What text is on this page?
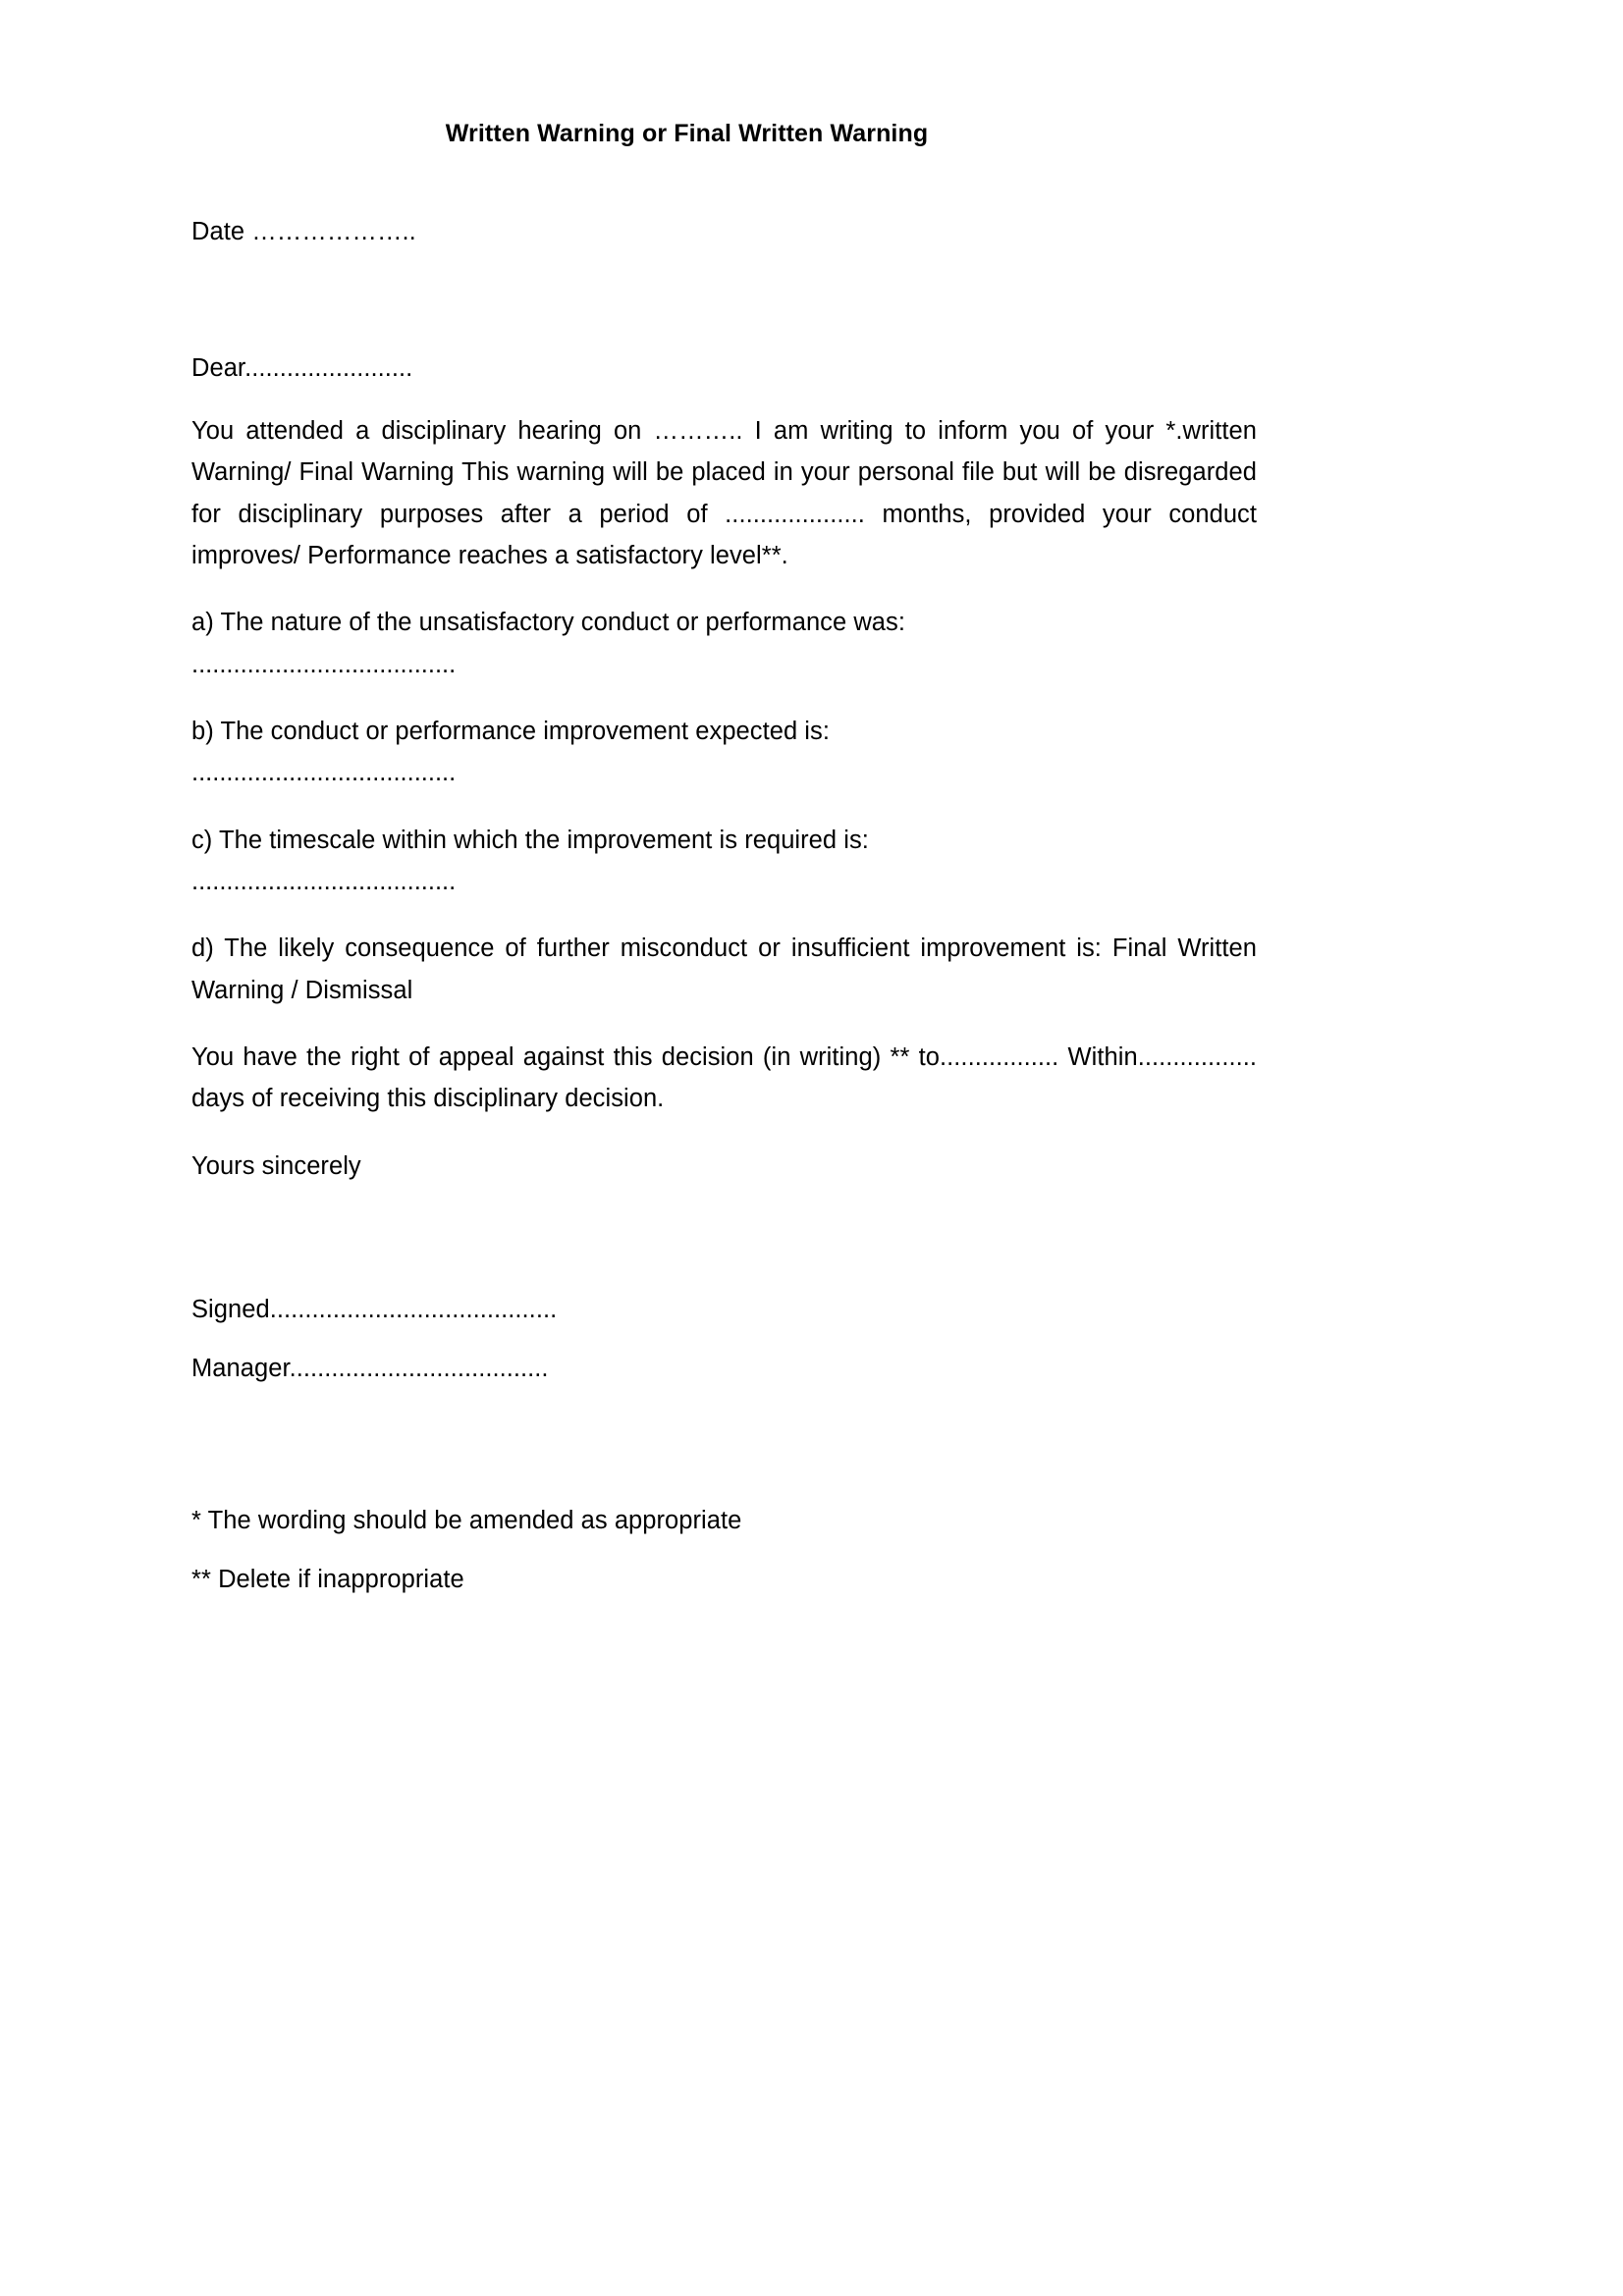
Written Warning or Final Written Warning

Date ………………..

Dear........................

You attended a disciplinary hearing on ……….. I am writing to inform you of your *.written Warning/ Final Warning This warning will be placed in your personal file but will be disregarded for disciplinary purposes after a period of .................... months, provided your conduct improves/ Performance reaches a satisfactory level**.

a) The nature of the unsatisfactory conduct or performance was:

......................................

b) The conduct or performance improvement expected is:

......................................

c) The timescale within which the improvement is required is:

......................................

d) The likely consequence of further misconduct or insufficient improvement is: Final Written Warning / Dismissal

You have the right of appeal against this decision (in writing) ** to................. Within................. days of receiving this disciplinary decision.

Yours sincerely

Signed.........................................

Manager.....................................

* The wording should be amended as appropriate

** Delete if inappropriate
